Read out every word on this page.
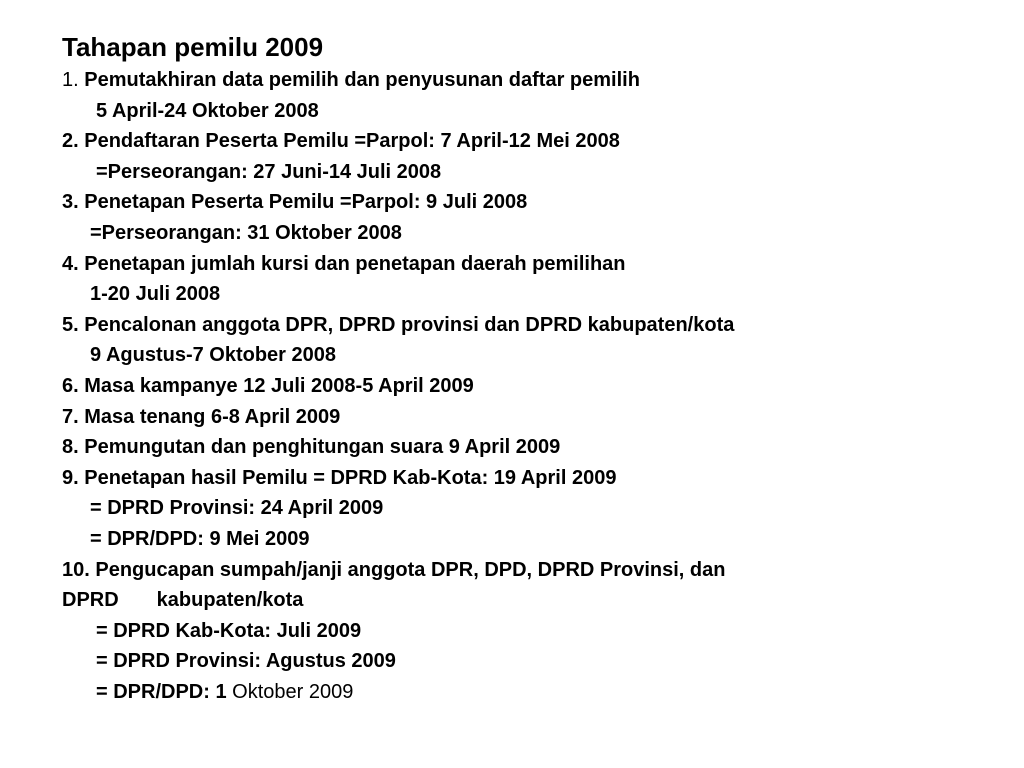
Tahapan pemilu 2009
1. Pemutakhiran data pemilih dan penyusunan daftar pemilih
5 April-24 Oktober 2008
2. Pendaftaran Peserta Pemilu =Parpol: 7 April-12 Mei 2008
=Perseorangan: 27 Juni-14 Juli 2008
3. Penetapan Peserta Pemilu =Parpol: 9 Juli 2008
=Perseorangan: 31 Oktober 2008
4. Penetapan jumlah kursi dan penetapan daerah pemilihan
1-20 Juli 2008
5. Pencalonan anggota DPR, DPRD provinsi dan DPRD kabupaten/kota
9 Agustus-7 Oktober 2008
6. Masa kampanye 12 Juli 2008-5 April 2009
7. Masa tenang 6-8 April 2009
8. Pemungutan dan penghitungan suara 9 April 2009
9. Penetapan hasil Pemilu = DPRD Kab-Kota: 19 April 2009
= DPRD Provinsi: 24 April 2009
= DPR/DPD: 9 Mei 2009
10. Pengucapan sumpah/janji anggota DPR, DPD, DPRD Provinsi, dan
DPRD kabupaten/kota
= DPRD Kab-Kota: Juli 2009
= DPRD Provinsi: Agustus 2009
= DPR/DPD: 1 Oktober 2009
